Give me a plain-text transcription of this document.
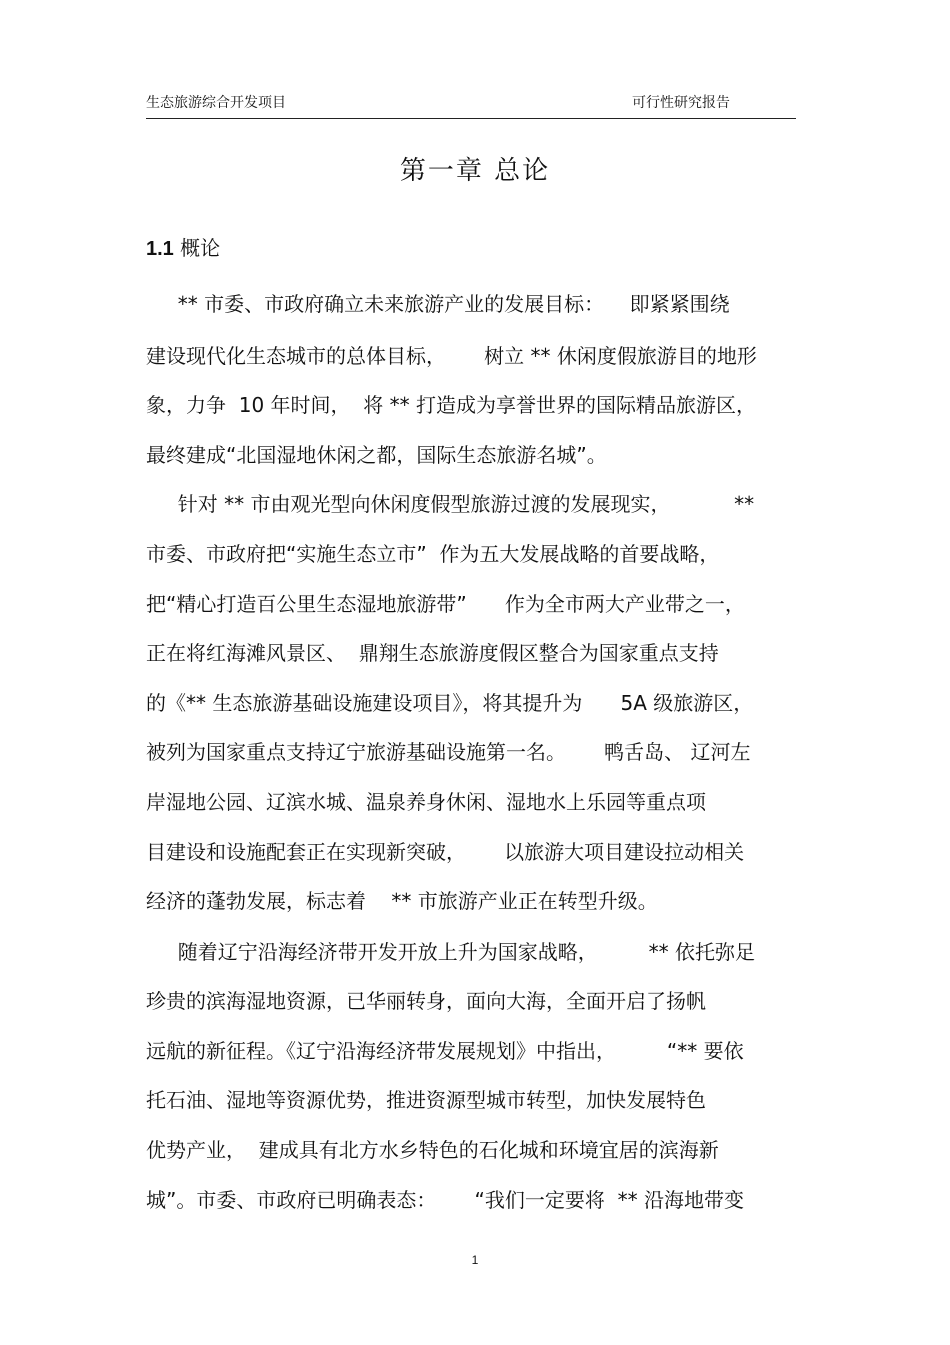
生态旅游综合开发项目	可行性研究报告
第一章 总论
1.1 概论
** 市委、市政府确立未来旅游产业的发展目标：    即紧紧围绕
建设现代化生态城市的总体目标，      树立 ** 休闲度假旅游目的地形
象，力争  10 年时间，  将 ** 打造成为享誉世界的国际精品旅游区，
最终建成“北国湿地休闲之都，国际生态旅游名城”。
针对 ** 市由观光型向休闲度假型旅游过渡的发展现实，          **
市委、市政府把“实施生态立市”  作为五大发展战略的首要战略，
把“精心打造百公里生态湿地旅游带”      作为全市两大产业带之一，
正在将红海滩风景区、  鼎翔生态旅游度假区整合为国家重点支持
的《** 生态旅游基础设施建设项目》，将其提升为      5A 级旅游区，
被列为国家重点支持辽宁旅游基础设施第一名。      鸭舌岛、 辽河左
岸湿地公园、辽滨水城、温泉养身休闲、湿地水上乐园等重点项
目建设和设施配套正在实现新突破，      以旅游大项目建设拉动相关
经济的蓬勃发展，标志着    ** 市旅游产业正在转型升级。
随着辽宁沿海经济带开发开放上升为国家战略，        ** 依托弥足
珍贵的滨海湿地资源，已华丽转身，面向大海，全面开启了扬帆
远航的新征程。《辽宁沿海经济带发展规划》中指出，        “** 要依
托石油、湿地等资源优势，推进资源型城市转型，加快发展特色
优势产业，  建成具有北方水乡特色的石化城和环境宜居的滨海新
城”。市委、市政府已明确表态：      “我们一定要将  ** 沿海地带变
1
